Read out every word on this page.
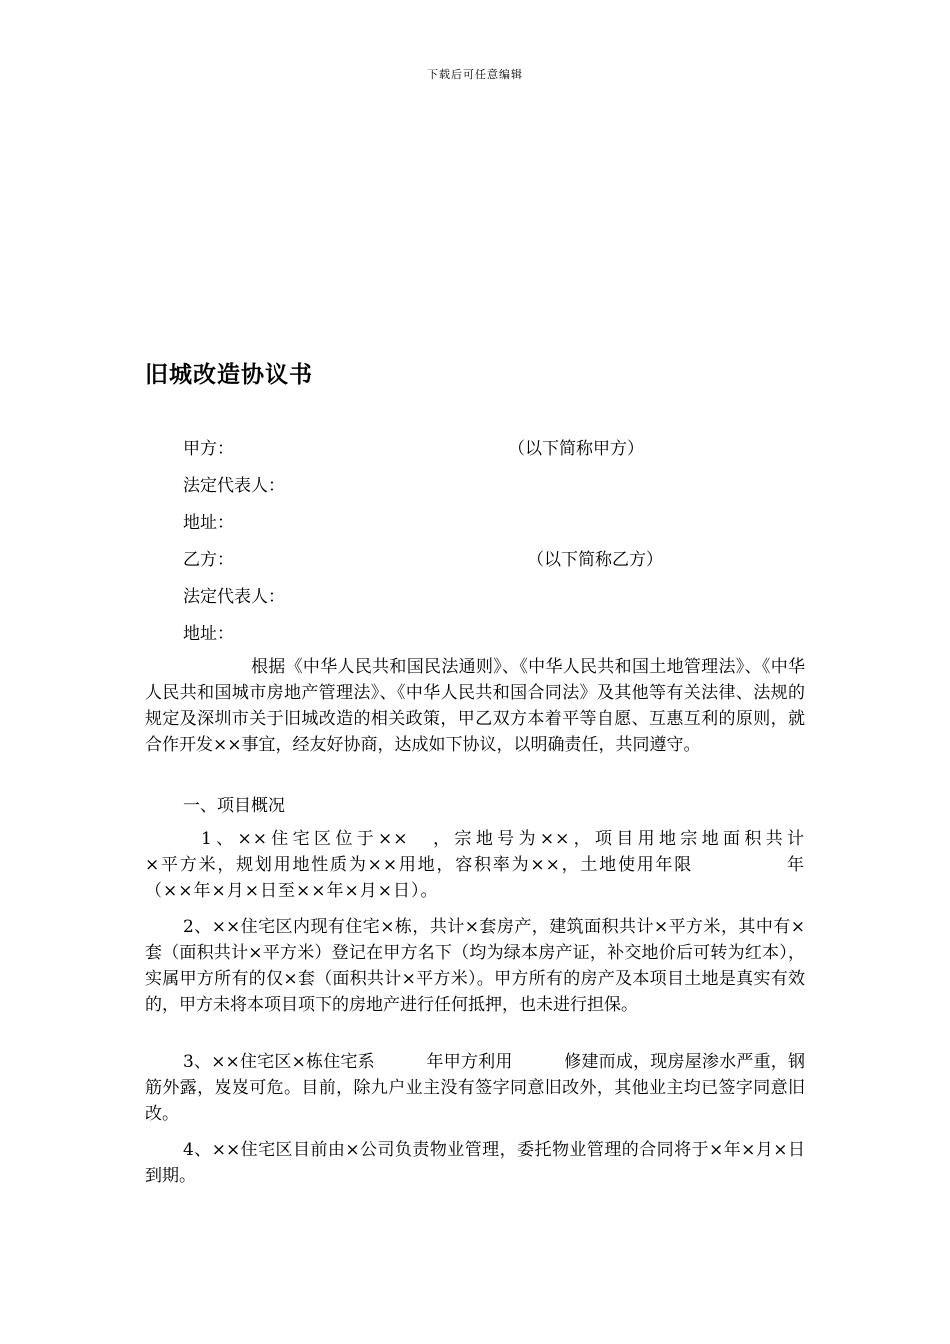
下载后可任意编辑
旧城改造协议书
甲方：	（以下简称甲方）
法定代表人：
地址：
乙方：	（以下简称乙方）
法定代表人：
地址：
根据《中华人民共和国民法通则》、《中华人民共和国土地管理法》、《中华人民共和国城市房地产管理法》、《中华人民共和国合同法》及其他等有关法律、法规的规定及深圳市关于旧城改造的相关政策，甲乙双方本着平等自愿、互惠互利的原则，就合作开发××事宜，经友好协商，达成如下协议，以明确责任，共同遵守。
一、项目概况
1、××住宅区位于××　，宗地号为××，项目用地宗地面积共计　　　　　×平方米，规划用地性质为××用地，容积率为××，土地使用年限　　　　　年（××年×月×日至××年×月×日）。
2、××住宅区内现有住宅×栋，共计×套房产，建筑面积共计×平方米，其中有×套（面积共计×平方米）登记在甲方名下（均为绿本房产证，补交地价后可转为红本），实属甲方所有的仅×套（面积共计×平方米）。甲方所有的房产及本项目土地是真实有效的，甲方未将本项目项下的房地产进行任何抵押，也未进行担保。
3、××住宅区×栋住宅系　　　年甲方利用　　　修建而成，现房屋渗水严重，钢筋外露，岌岌可危。目前，除九户业主没有签字同意旧改外，其他业主均已签字同意旧改。
4、××住宅区目前由×公司负责物业管理，委托物业管理的合同将于×年×月×日到期。
